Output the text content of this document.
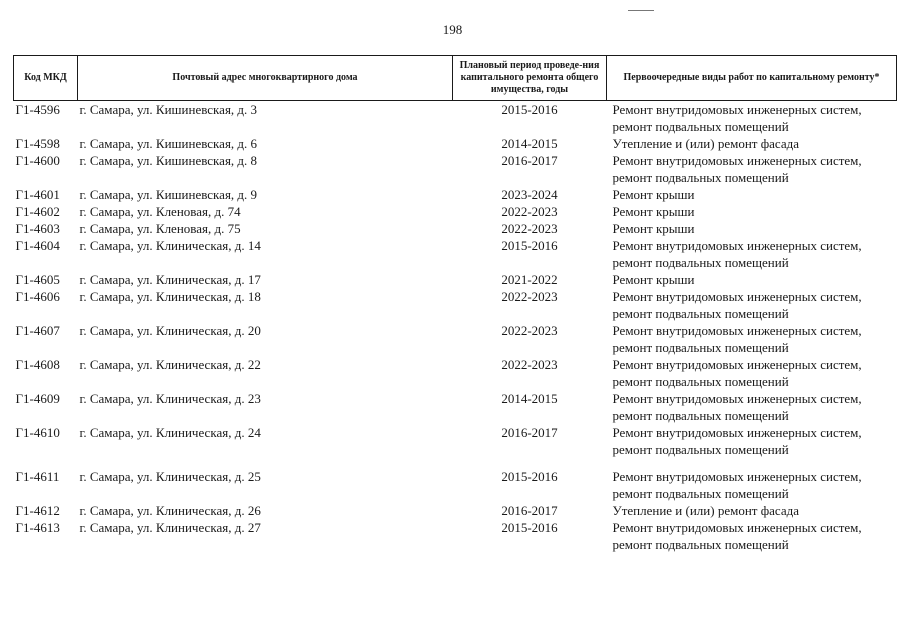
198
Код МКД	Почтовый адрес многоквартирного дома	Плановый период проведе-ния капитального ремонта общего имущества, годы	Первоочередные виды работ по капитальному ремонту*
Г1-4596	г. Самара, ул. Кишиневская, д. 3	2015-2016	Ремонт внутридомовых инженерных систем,
ремонт подвальных помещений

Г1-4598	г. Самара, ул. Кишиневская, д. 6	2014-2015	Утепление и (или) ремонт фасада

Г1-4600	г. Самара, ул. Кишиневская, д. 8	2016-2017	Ремонт внутридомовых инженерных систем,
ремонт подвальных помещений

Г1-4601	г. Самара, ул. Кишиневская, д. 9	2023-2024	Ремонт крыши

Г1-4602	г. Самара, ул. Кленовая, д. 74	2022-2023	Ремонт крыши

Г1-4603	г. Самара, ул. Кленовая, д. 75	2022-2023	Ремонт крыши

Г1-4604	г. Самара, ул. Клиническая, д. 14	2015-2016	Ремонт внутридомовых инженерных систем,
ремонт подвальных помещений

Г1-4605	г. Самара, ул. Клиническая, д. 17	2021-2022	Ремонт крыши

Г1-4606	г. Самара, ул. Клиническая, д. 18	2022-2023	Ремонт внутридомовых инженерных систем,
ремонт подвальных помещений

Г1-4607	г. Самара, ул. Клиническая, д. 20	2022-2023	Ремонт внутридомовых инженерных систем,
ремонт подвальных помещений

Г1-4608	г. Самара, ул. Клиническая, д. 22	2022-2023	Ремонт внутридомовых инженерных систем,
ремонт подвальных помещений

Г1-4609	г. Самара, ул. Клиническая, д. 23	2014-2015	Ремонт внутридомовых инженерных систем,
ремонт подвальных помещений

Г1-4610	г. Самара, ул. Клиническая, д. 24	2016-2017	Ремонт внутридомовых инженерных систем,
ремонт подвальных помещений

Г1-4611	г. Самара, ул. Клиническая, д. 25	2015-2016	Ремонт внутридомовых инженерных систем,
ремонт подвальных помещений

Г1-4612	г. Самара, ул. Клиническая, д. 26	2016-2017	Утепление и (или) ремонт фасада

Г1-4613	г. Самара, ул. Клиническая, д. 27	2015-2016	Ремонт внутридомовых инженерных систем,
ремонт подвальных помещений
